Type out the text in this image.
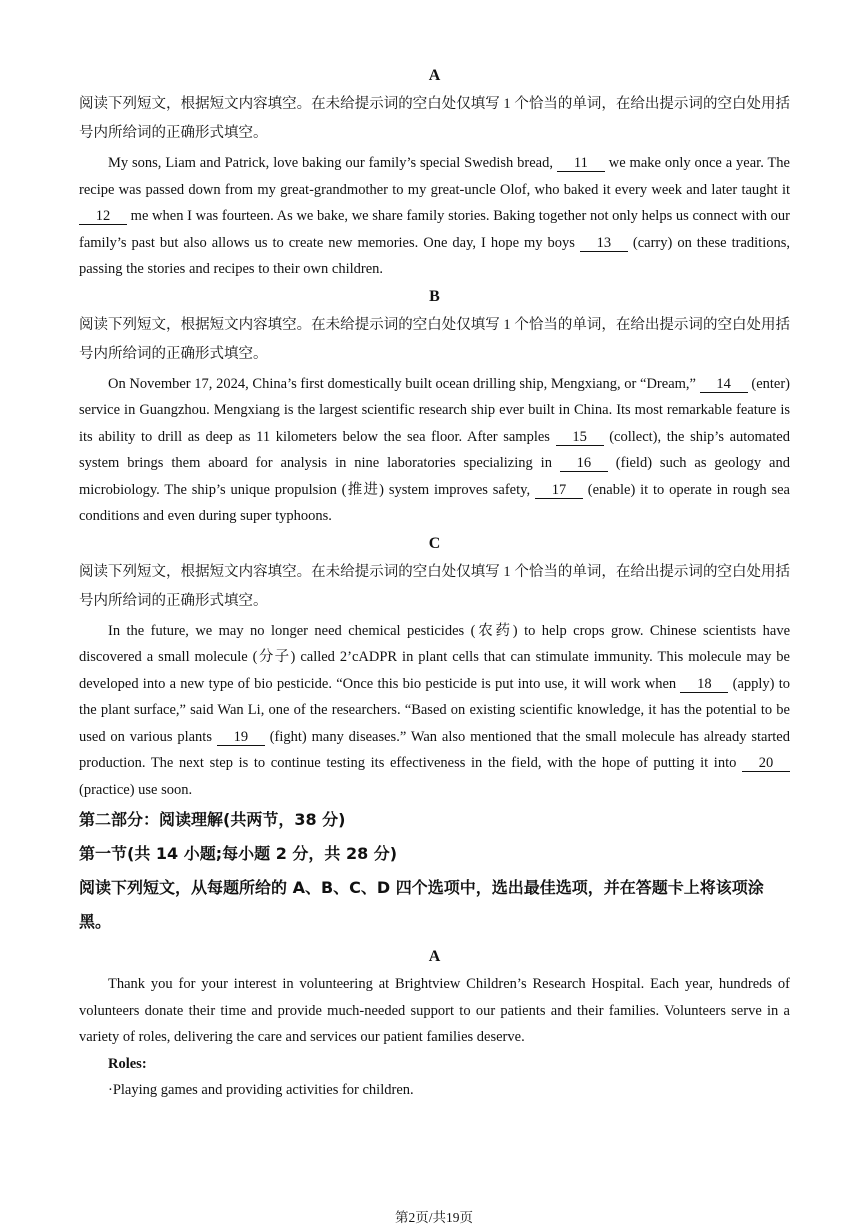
A
阅读下列短文，根据短文内容填空。在未给提示词的空白处仅填写 1 个恰当的单词，在给出提示词的空白处用括号内所给词的正确形式填空。
My sons, Liam and Patrick, love baking our family’s special Swedish bread, 11 we make only once a year. The recipe was passed down from my great-grandmother to my great-uncle Olof, who baked it every week and later taught it 12 me when I was fourteen. As we bake, we share family stories. Baking together not only helps us connect with our family’s past but also allows us to create new memories. One day, I hope my boys 13 (carry) on these traditions, passing the stories and recipes to their own children.
B
阅读下列短文，根据短文内容填空。在未给提示词的空白处仅填写 1 个恰当的单词，在给出提示词的空白处用括号内所给词的正确形式填空。
On November 17, 2024, China’s first domestically built ocean drilling ship, Mengxiang, or “Dream,” 14 (enter) service in Guangzhou. Mengxiang is the largest scientific research ship ever built in China. Its most remarkable feature is its ability to drill as deep as 11 kilometers below the sea floor. After samples 15 (collect), the ship’s automated system brings them aboard for analysis in nine laboratories specializing in 16 (field) such as geology and microbiology. The ship’s unique propulsion (推进) system improves safety, 17 (enable) it to operate in rough sea conditions and even during super typhoons.
C
阅读下列短文，根据短文内容填空。在未给提示词的空白处仅填写 1 个恰当的单词，在给出提示词的空白处用括号内所给词的正确形式填空。
In the future, we may no longer need chemical pesticides (农药) to help crops grow. Chinese scientists have discovered a small molecule (分子) called 2’cADPR in plant cells that can stimulate immunity. This molecule may be developed into a new type of bio pesticide. “Once this bio pesticide is put into use, it will work when 18 (apply) to the plant surface,” said Wan Li, one of the researchers. “Based on existing scientific knowledge, it has the potential to be used on various plants 19 (fight) many diseases.” Wan also mentioned that the small molecule has already started production. The next step is to continue testing its effectiveness in the field, with the hope of putting it into 20 (practice) use soon.
第二部分：阅读理解(共两节，38 分)
第一节(共 14 小题;每小题 2 分，共 28 分)
阅读下列短文，从每题所给的 A、B、C、D 四个选项中，选出最佳选项，并在答题卡上将该项涂黑。
A
Thank you for your interest in volunteering at Brightview Children’s Research Hospital. Each year, hundreds of volunteers donate their time and provide much-needed support to our patients and their families. Volunteers serve in a variety of roles, delivering the care and services our patient families deserve.
Roles:
·Playing games and providing activities for children.
第2页/共19页
